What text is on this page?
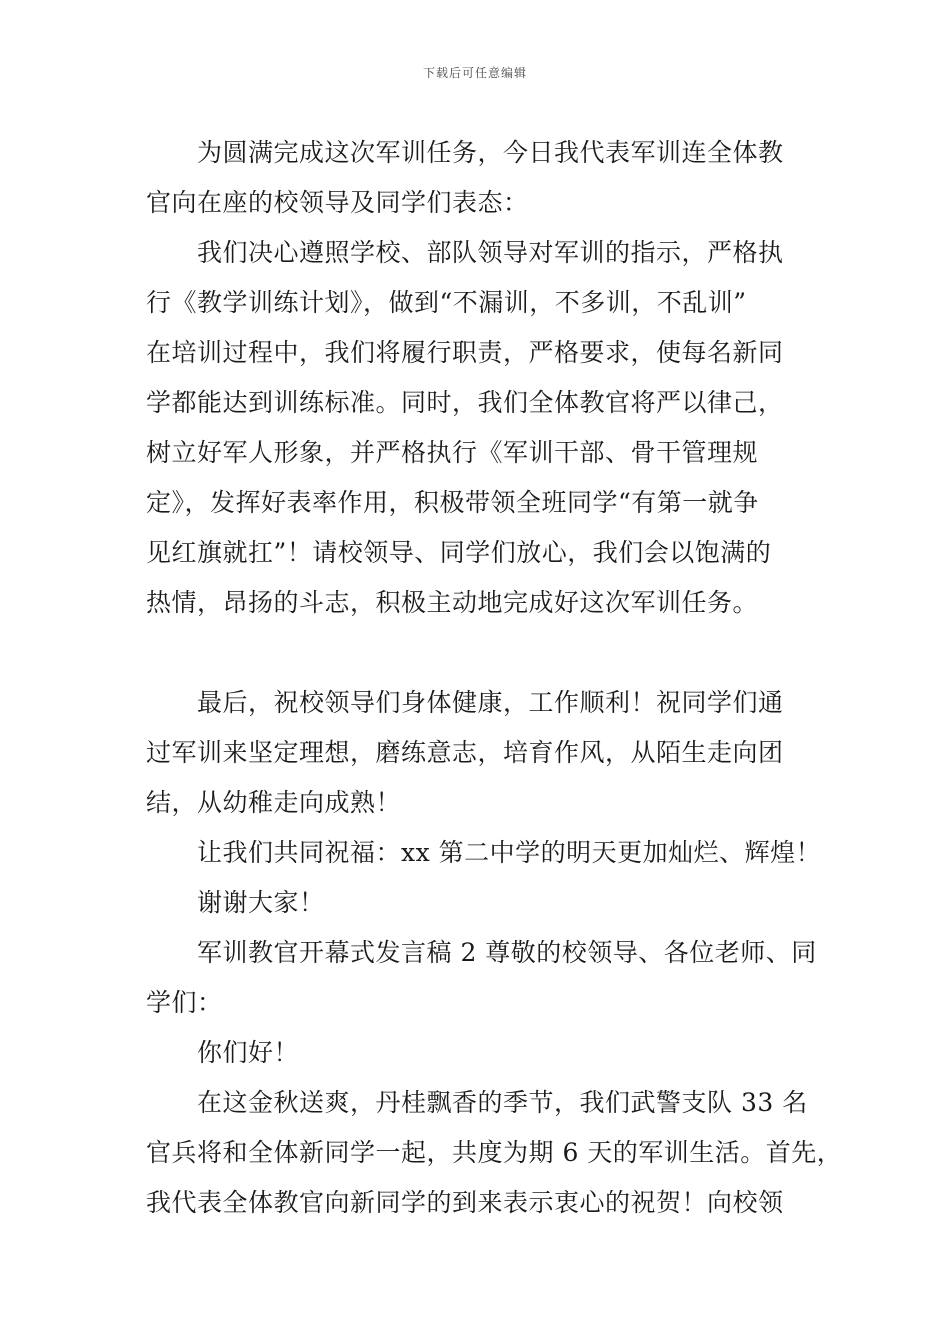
下载后可任意编辑
为圆满完成这次军训任务，今日我代表军训连全体教
官向在座的校领导及同学们表态：
我们决心遵照学校、部队领导对军训的指示，严格执
行《教学训练计划》，做到“不漏训，不多训，不乱训”
在培训过程中，我们将履行职责，严格要求，使每名新同
学都能达到训练标准。同时，我们全体教官将严以律己，
树立好军人形象，并严格执行《军训干部、骨干管理规
定》，发挥好表率作用，积极带领全班同学“有第一就争
见红旗就扛”！请校领导、同学们放心，我们会以饱满的
热情，昂扬的斗志，积极主动地完成好这次军训任务。
最后，祝校领导们身体健康，工作顺利！祝同学们通
过军训来坚定理想，磨练意志，培育作风，从陌生走向团
结，从幼稚走向成熟！
让我们共同祝福：xx 第二中学的明天更加灿烂、辉煌！
谢谢大家！
军训教官开幕式发言稿 2 尊敬的校领导、各位老师、同
学们：
你们好！
在这金秋送爽，丹桂飘香的季节，我们武警支队 33 名
官兵将和全体新同学一起，共度为期 6 天的军训生活。首先，
我代表全体教官向新同学的到来表示衷心的祝贺！向校领
